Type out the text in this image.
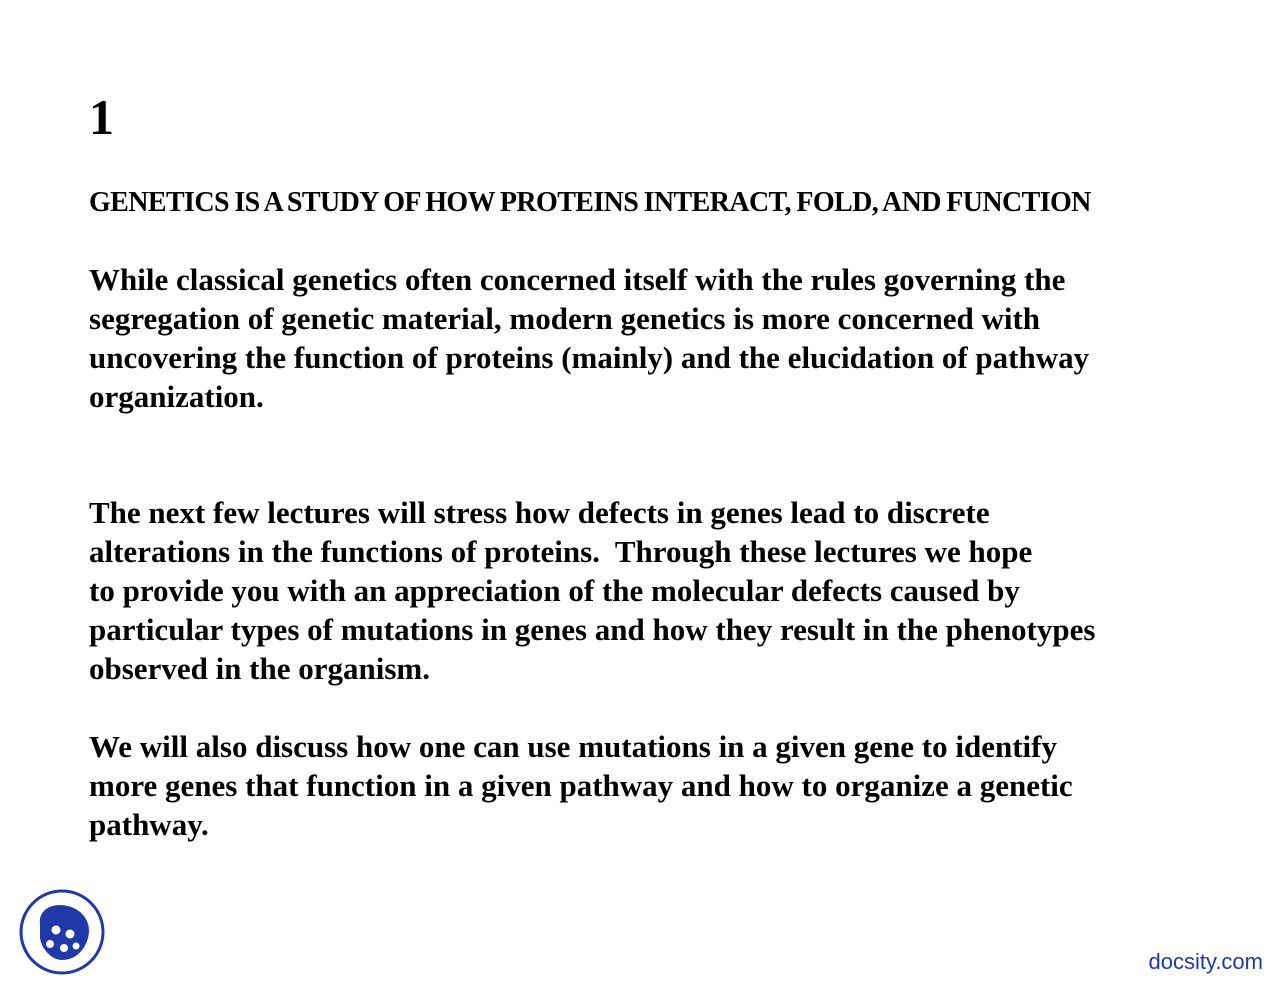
1
GENETICS IS A STUDY OF HOW PROTEINS INTERACT, FOLD, AND FUNCTION

While classical genetics often concerned itself with the rules governing the
segregation of genetic material, modern genetics is more concerned with
uncovering the function of proteins (mainly) and the elucidation of pathway
organization.

The next few lectures will stress how defects in genes lead to discrete
alterations in the functions of proteins.  Through these lectures we hope
to provide you with an appreciation of the molecular defects caused by
particular types of mutations in genes and how they result in the phenotypes
observed in the organism.

We will also discuss how one can use mutations in a given gene to identify
more genes that function in a given pathway and how to organize a genetic
pathway.

docsity.com
